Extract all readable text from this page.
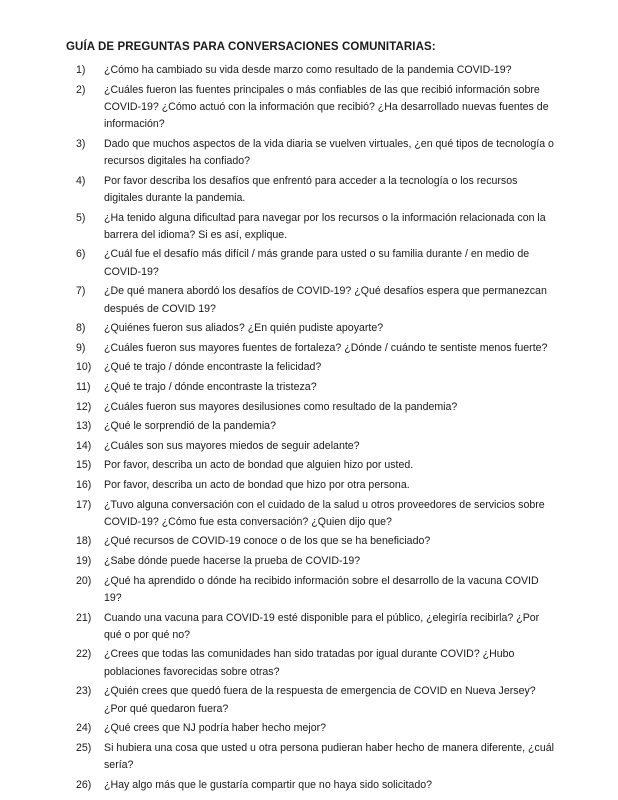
GUÍA DE PREGUNTAS PARA CONVERSACIONES COMUNITARIAS:
1)	¿Cómo ha cambiado su vida desde marzo como resultado de la pandemia COVID-19?
2)	¿Cuáles fueron las fuentes principales o más confiables de las que recibió información sobre COVID-19? ¿Cómo actuó con la información que recibió? ¿Ha desarrollado nuevas fuentes de información?
3)	Dado que muchos aspectos de la vida diaria se vuelven virtuales, ¿en qué tipos de tecnología o recursos digitales ha confiado?
4)	Por favor describa los desafíos que enfrentó para acceder a la tecnología o los recursos digitales durante la pandemia.
5)	¿Ha tenido alguna dificultad para navegar por los recursos o la información relacionada con la barrera del idioma? Si es así, explique.
6)	¿Cuál fue el desafío más difícil / más grande para usted o su familia durante / en medio de COVID-19?
7)	¿De qué manera abordó los desafíos de COVID-19? ¿Qué desafíos espera que permanezcan después de COVID 19?
8)	¿Quiénes fueron sus aliados? ¿En quién pudiste apoyarte?
9)	¿Cuáles fueron sus mayores fuentes de fortaleza? ¿Dónde / cuándo te sentiste menos fuerte?
10)	¿Qué te trajo / dónde encontraste la felicidad?
11)	¿Qué te trajo / dónde encontraste la tristeza?
12)	¿Cuáles fueron sus mayores desilusiones como resultado de la pandemia?
13)	¿Qué le sorprendió de la pandemia?
14)	¿Cuáles son sus mayores miedos de seguir adelante?
15)	Por favor, describa un acto de bondad que alguien hizo por usted.
16)	Por favor, describa un acto de bondad que hizo por otra persona.
17)	¿Tuvo alguna conversación con el cuidado de la salud u otros proveedores de servicios sobre COVID-19? ¿Cómo fue esta conversación? ¿Quien dijo que?
18)	¿Qué recursos de COVID-19 conoce o de los que se ha beneficiado?
19)	¿Sabe dónde puede hacerse la prueba de COVID-19?
20)	¿Qué ha aprendido o dónde ha recibido información sobre el desarrollo de la vacuna COVID 19?
21)	Cuando una vacuna para COVID-19 esté disponible para el público, ¿elegiría recibirla? ¿Por qué o por qué no?
22)	¿Crees que todas las comunidades han sido tratadas por igual durante COVID? ¿Hubo poblaciones favorecidas sobre otras?
23)	¿Quién crees que quedó fuera de la respuesta de emergencia de COVID en Nueva Jersey? ¿Por qué quedaron fuera?
24)	¿Qué crees que NJ podría haber hecho mejor?
25)	Si hubiera una cosa que usted u otra persona pudieran haber hecho de manera diferente, ¿cuál sería?
26)	¿Hay algo más que le gustaría compartir que no haya sido solicitado?
